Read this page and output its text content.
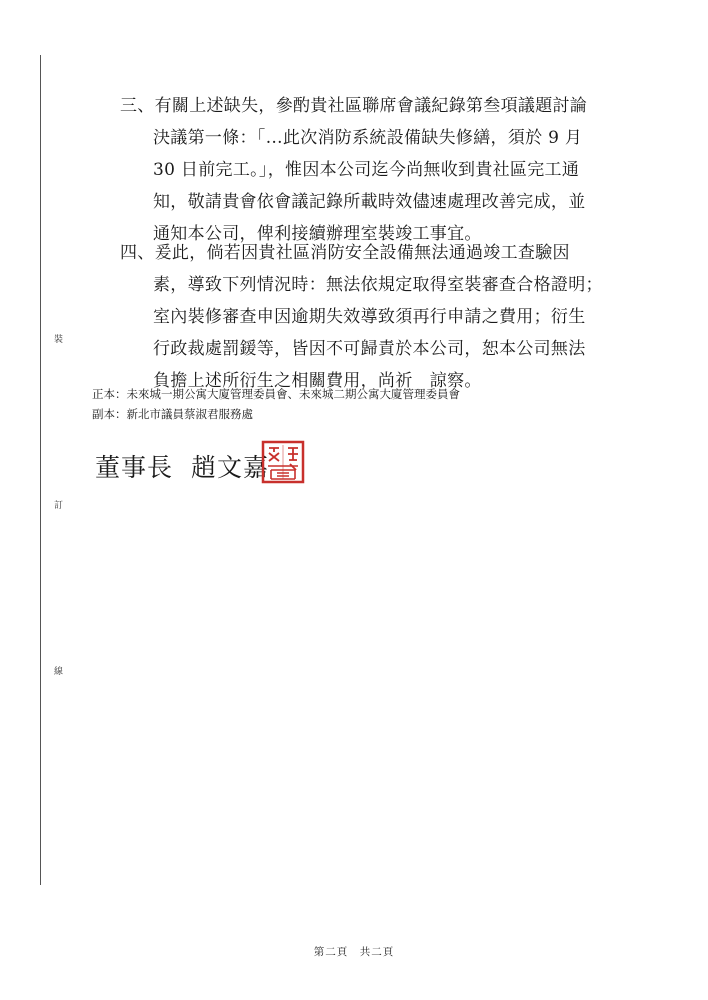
裝
訂
線
三、有關上述缺失，參酌貴社區聯席會議紀錄第叁項議題討論
決議第一條：「…此次消防系統設備缺失修繕，須於 9 月
30 日前完工。」，惟因本公司迄今尚無收到貴社區完工通
知，敬請貴會依會議記錄所載時效儘速處理改善完成，並
通知本公司，俾利接續辦理室裝竣工事宜。
四、爰此，倘若因貴社區消防安全設備無法通過竣工查驗因
素，導致下列情況時：無法依規定取得室裝審查合格證明；
室內裝修審查申因逾期失效導致須再行申請之費用；衍生
行政裁處罰鍰等，皆因不可歸責於本公司，恕本公司無法
負擔上述所衍生之相關費用，尚祈　諒察。
正本：未來城一期公寓大廈管理委員會、未來城二期公寓大廈管理委員會
副本：新北市議員蔡淑君服務處
董事長 趙文嘉
第二頁　共二頁
